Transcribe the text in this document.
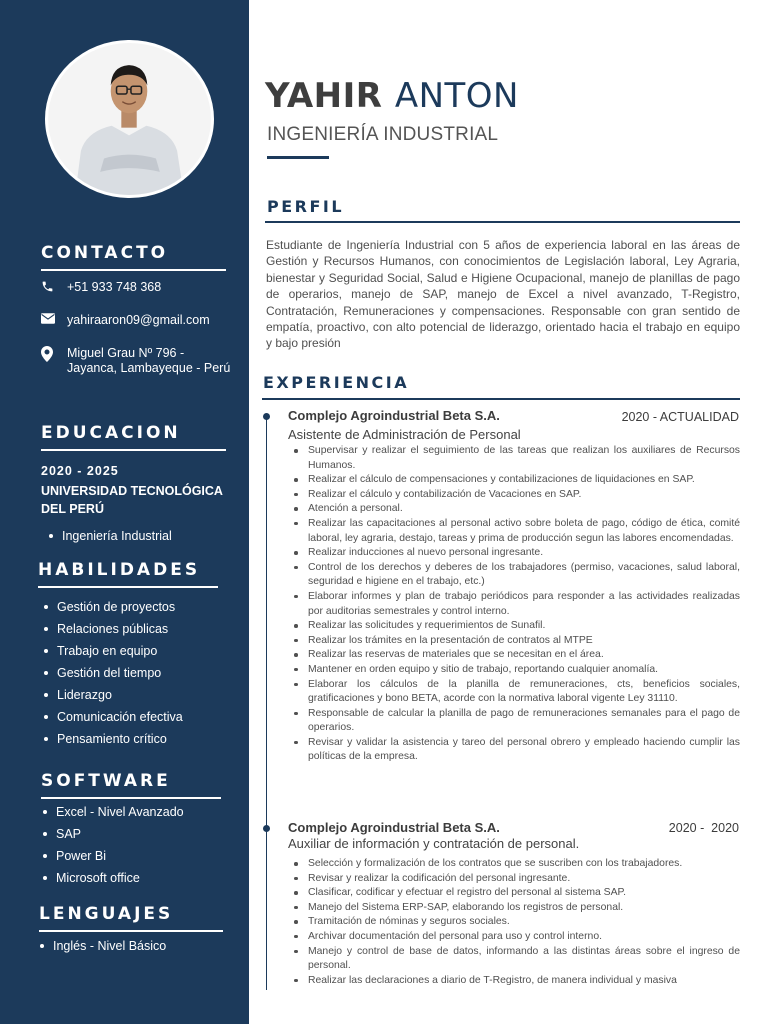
CONTACTO
+51 933 748 368
yahiraaron09@gmail.com
Miguel Grau Nº 796 -
Jayanca, Lambayeque - Perú
EDUCACION
2020 - 2025
UNIVERSIDAD TECNOLÓGICA
DEL PERÚ
Ingeniería Industrial
HABILIDADES
Gestión de proyectos
Relaciones públicas
Trabajo en equipo
Gestión del tiempo
Liderazgo
Comunicación efectiva
Pensamiento crítico
SOFTWARE
Excel - Nivel Avanzado
SAP
Power Bi
Microsoft office
LENGUAJES
Inglés - Nivel Básico
YAHIR ANTON
INGENIERÍA INDUSTRIAL
PERFIL

Estudiante de Ingeniería Industrial con 5 años de experiencia laboral en las áreas de Gestión y Recursos Humanos, con conocimientos de Legislación laboral, Ley Agraria, bienestar y Seguridad Social, Salud e Higiene Ocupacional, manejo de planillas de pago de operarios, manejo de SAP, manejo de Excel a nivel avanzado, T-Registro, Contratación, Remuneraciones y compensaciones. Responsable con gran sentido de empatía, proactivo, con alto potencial de liderazgo, orientado hacia el trabajo en equipo y bajo presión

EXPERIENCIA
Complejo Agroindustrial Beta S.A.	2020 - ACTUALIDAD
Asistente de Administración de Personal
Supervisar y realizar el seguimiento de las tareas que realizan los auxiliares de Recursos Humanos.
Realizar el cálculo de compensaciones y contabilizaciones de liquidaciones en SAP.
Realizar el cálculo y contabilización de Vacaciones en SAP.
Atención a personal.
Realizar las capacitaciones al personal activo sobre boleta de pago, código de ética, comité laboral, ley agraria, destajo, tareas y prima de producción segun las labores encomendadas.
Realizar inducciones al nuevo personal ingresante.
Control de los derechos y deberes de los trabajadores (permiso, vacaciones, salud laboral, seguridad e higiene en el trabajo, etc.)
Elaborar informes y plan de trabajo periódicos para responder a las actividades realizadas por auditorias semestrales y control interno.
Realizar las solicitudes y requerimientos de Sunafil.
Realizar los trámites en la presentación de contratos al MTPE
Realizar las reservas de materiales que se necesitan en el área.
Mantener en orden equipo y sitio de trabajo, reportando cualquier anomalía.
Elaborar los cálculos de la planilla de remuneraciones, cts, beneficios sociales, gratificaciones y bono BETA, acorde con la normativa laboral vigente Ley 31110.
Responsable de calcular la planilla de pago de remuneraciones semanales para el pago de operarios.
Revisar y validar la asistencia y tareo del personal obrero y empleado haciendo cumplir las políticas de la empresa.
Complejo Agroindustrial Beta S.A.	2020 -  2020
Auxiliar de información y contratación de personal.
Selección y formalización de los contratos que se suscriben con los trabajadores.
Revisar y realizar la codificación del personal ingresante.
Clasificar, codificar y efectuar el registro del personal al sistema SAP.
Manejo del Sistema ERP-SAP, elaborando los registros de personal.
Tramitación de nóminas y seguros sociales.
Archivar documentación del personal para uso y control interno.
Manejo y control de base de datos, informando a las distintas áreas sobre el ingreso de personal.
Realizar las declaraciones a diario de T-Registro, de manera individual y masiva
